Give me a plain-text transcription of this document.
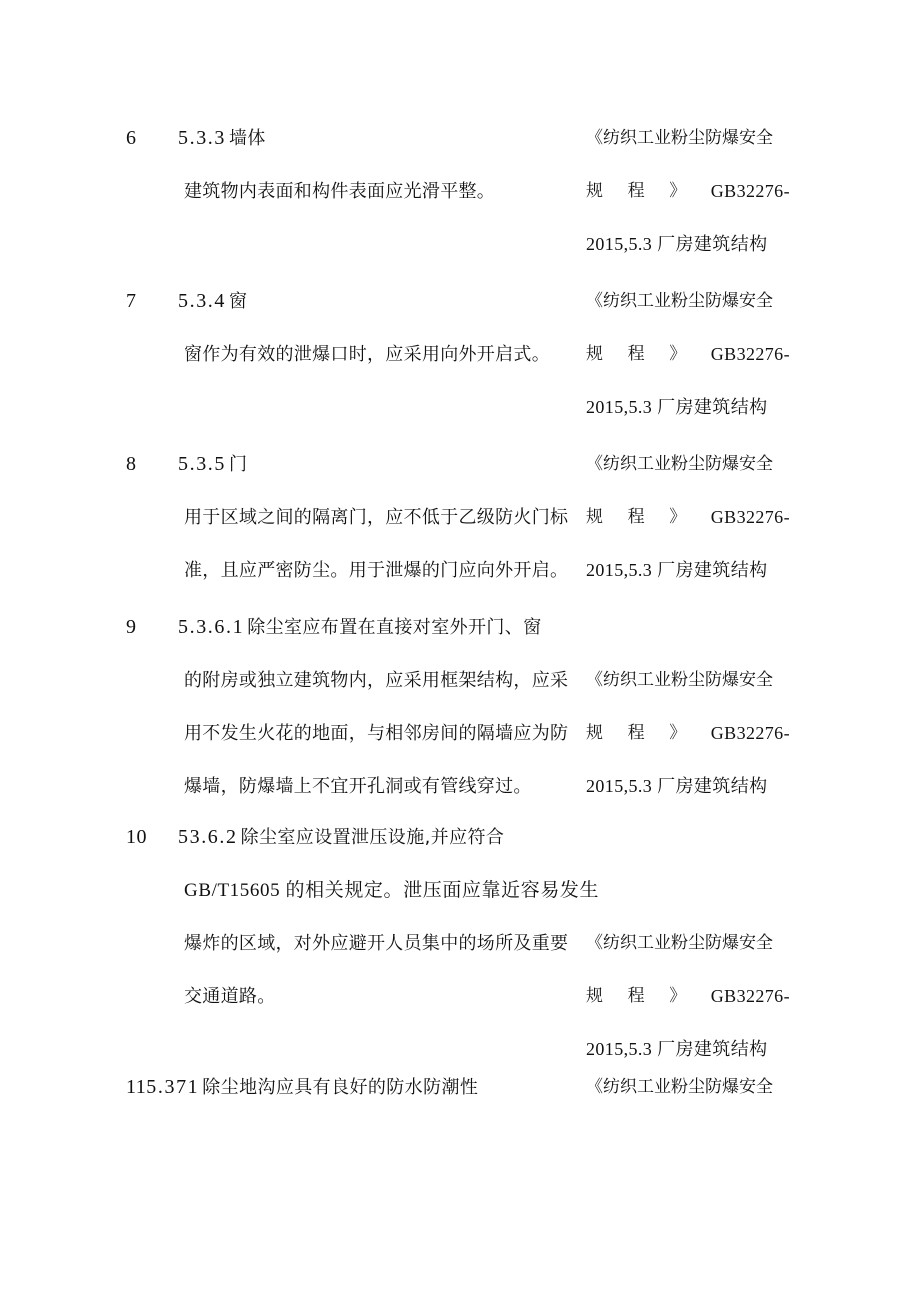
6 5.3.3 墙体
建筑物内表面和构件表面应光滑平整。
《纺织工业粉尘防爆安全
规 程 》 GB32276-
2015,5.3 厂房建筑结构
7 5.3.4 窗
窗作为有效的泄爆口时，应采用向外开启式。
《纺织工业粉尘防爆安全
规 程 》 GB32276-
2015,5.3 厂房建筑结构
8 5.3.5 门
用于区域之间的隔离门，应不低于乙级防火门标
准，且应严密防尘。用于泄爆的门应向外开启。
《纺织工业粉尘防爆安全
规 程 》 GB32276-
2015,5.3 厂房建筑结构
9 5.3.6.1 除尘室应布置在直接对室外开门、窗
的附房或独立建筑物内，应采用框架结构，应采
用不发生火花的地面，与相邻房间的隔墙应为防
爆墙，防爆墙上不宜开孔洞或有管线穿过。
《纺织工业粉尘防爆安全
规 程 》 GB32276-
2015,5.3 厂房建筑结构
10 53.6.2 除尘室应设置泄压设施,并应符合
GB/T15605 的相关规定。泄压面应靠近容易发生
爆炸的区域，对外应避开人员集中的场所及重要
交通道路。
《纺织工业粉尘防爆安全
规 程 》 GB32276-
2015,5.3 厂房建筑结构
115.371 除尘地沟应具有良好的防水防潮性	《纺织工业粉尘防爆安全
